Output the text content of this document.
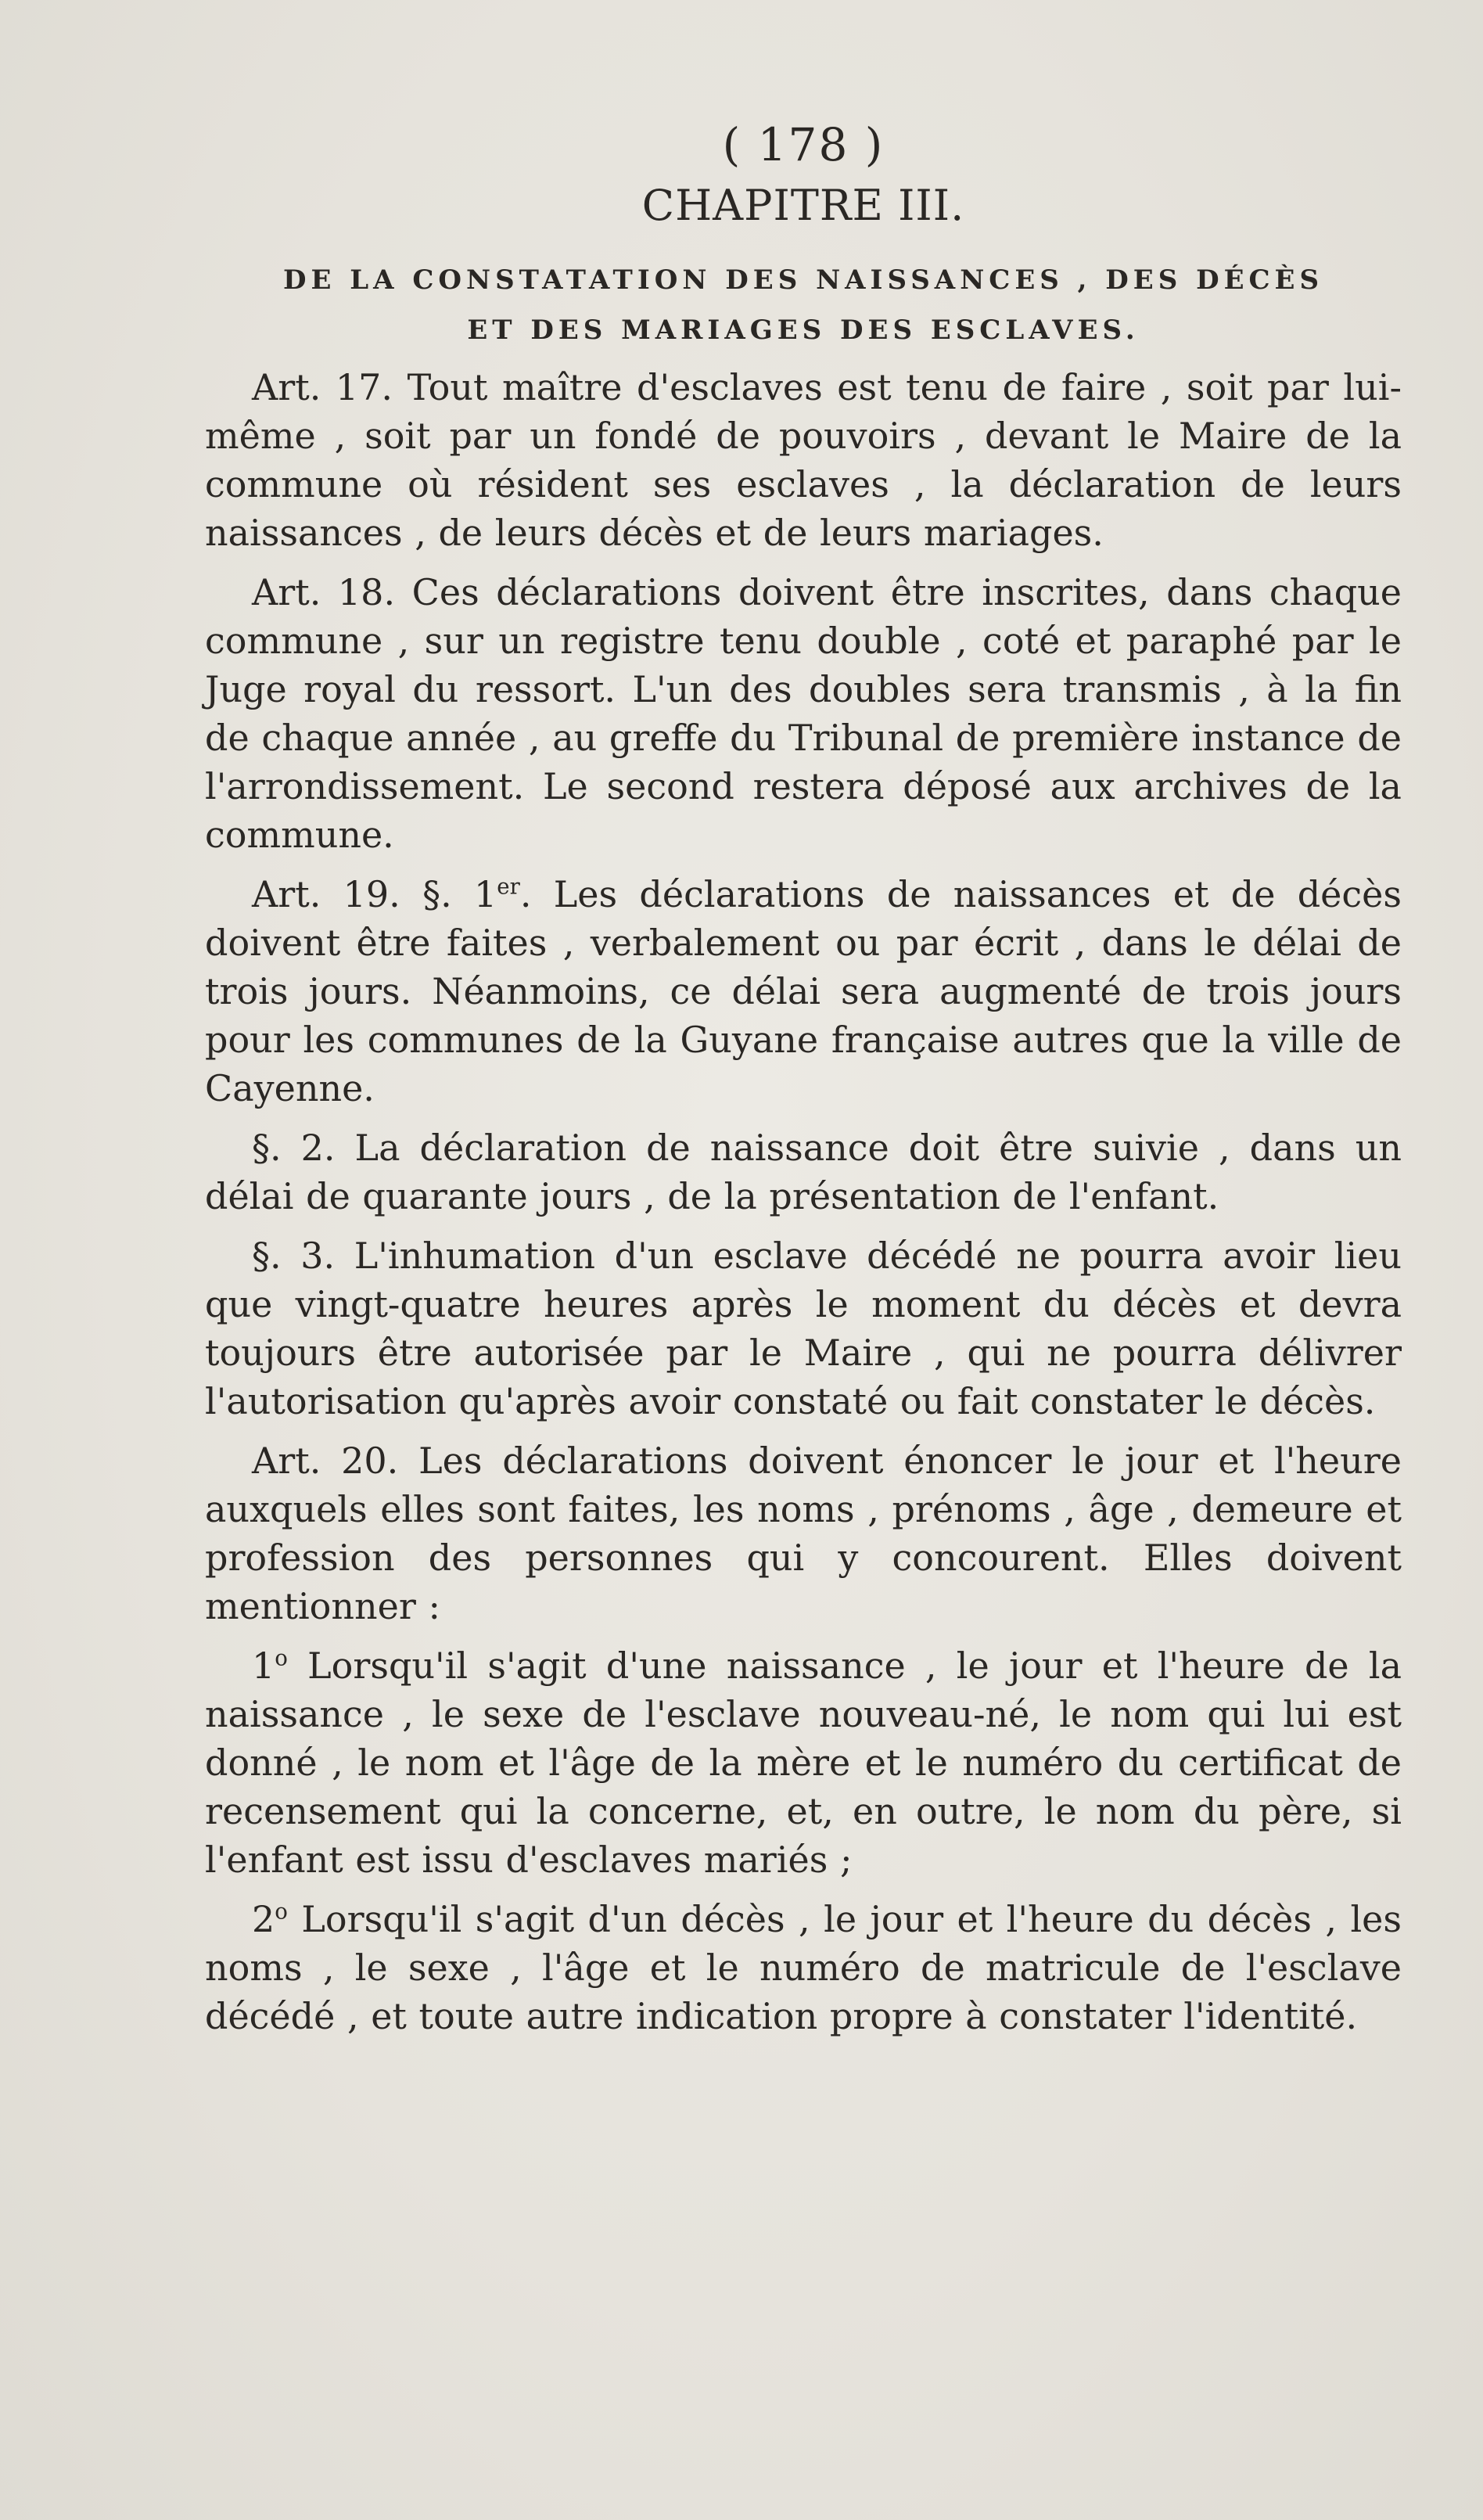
( 178 )
CHAPITRE III.
DE LA CONSTATATION DES NAISSANCES , DES DÉCÈS
ET DES MARIAGES DES ESCLAVES.

Art. 17. Tout maître d'esclaves est tenu de faire , soit par lui-même , soit par un fondé de pouvoirs , devant le Maire de la commune où résident ses esclaves , la déclaration de leurs naissances , de leurs décès et de leurs mariages.

Art. 18. Ces déclarations doivent être inscrites, dans chaque commune , sur un registre tenu double , coté et paraphé par le Juge royal du ressort. L'un des doubles sera transmis , à la fin de chaque année , au greffe du Tribunal de première instance de l'arrondissement. Le second restera déposé aux archives de la commune.

Art. 19. §. 1er. Les déclarations de naissances et de décès doivent être faites , verbalement ou par écrit , dans le délai de trois jours. Néanmoins, ce délai sera augmenté de trois jours pour les communes de la Guyane française autres que la ville de Cayenne.

§. 2. La déclaration de naissance doit être suivie , dans un délai de quarante jours , de la présentation de l'enfant.

§. 3. L'inhumation d'un esclave décédé ne pourra avoir lieu que vingt-quatre heures après le moment du décès et devra toujours être autorisée par le Maire , qui ne pourra délivrer l'autorisation qu'après avoir constaté ou fait constater le décès.

Art. 20. Les déclarations doivent énoncer le jour et l'heure auxquels elles sont faites, les noms , prénoms , âge , demeure et profession des personnes qui y concourent. Elles doivent mentionner :

1$^o$ Lorsqu'il s'agit d'une naissance , le jour et l'heure de la naissance , le sexe de l'esclave nouveau-né, le nom qui lui est donné , le nom et l'âge de la mère et le numéro du certificat de recensement qui la concerne, et, en outre, le nom du père, si l'enfant est issu d'esclaves mariés ;

2$^o$ Lorsqu'il s'agit d'un décès , le jour et l'heure du décès , les noms , le sexe , l'âge et le numéro de matricule de l'esclave décédé , et toute autre indication propre à constater l'identité.
